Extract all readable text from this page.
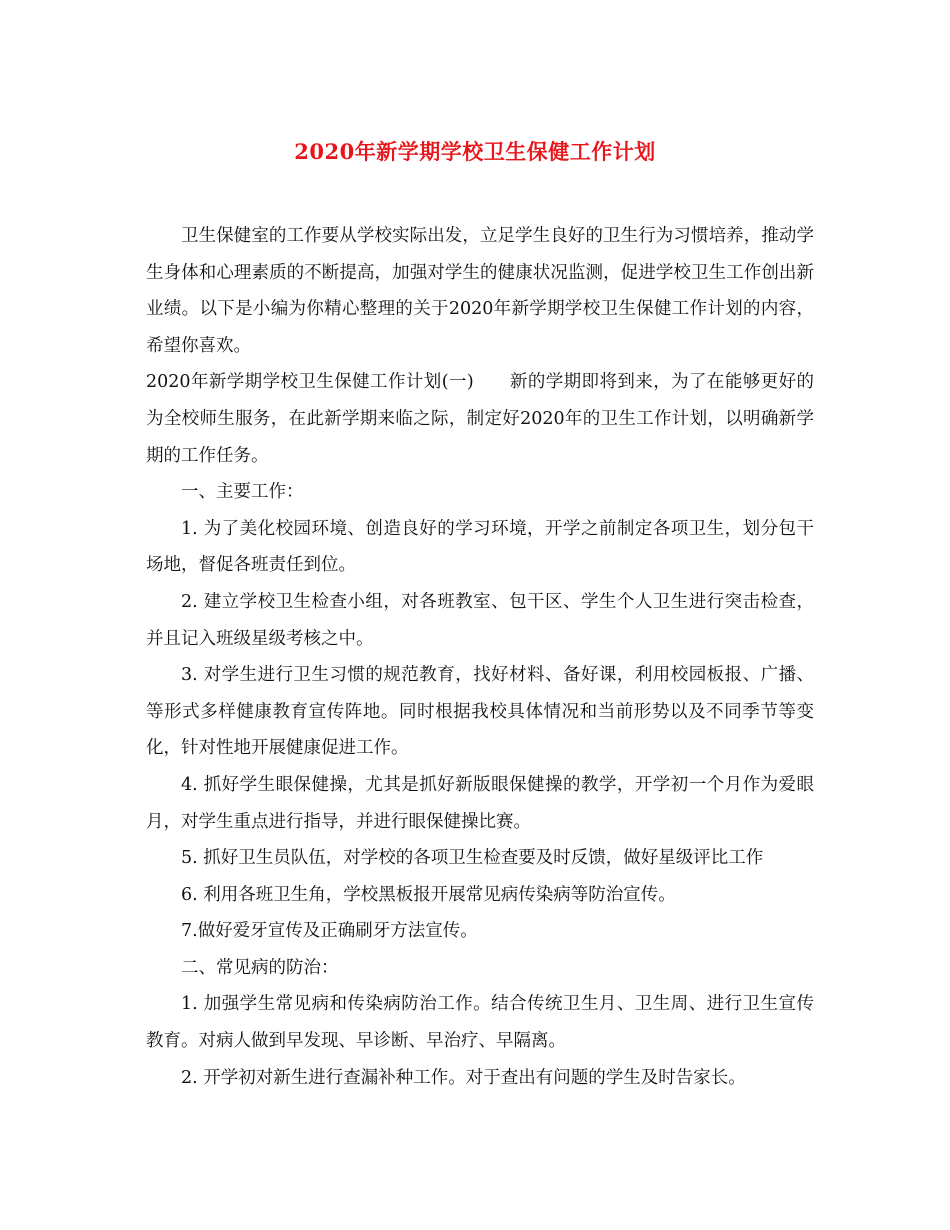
2020年新学期学校卫生保健工作计划

卫生保健室的工作要从学校实际出发，立足学生良好的卫生行为习惯培养，推动学生身体和心理素质的不断提高，加强对学生的健康状况监测，促进学校卫生工作创出新业绩。以下是小编为你精心整理的关于2020年新学期学校卫生保健工作计划的内容，希望你喜欢。

2020年新学期学校卫生保健工作计划(一)　　新的学期即将到来，为了在能够更好的为全校师生服务，在此新学期来临之际，制定好2020年的卫生工作计划，以明确新学期的工作任务。

一、主要工作：

1. 为了美化校园环境、创造良好的学习环境，开学之前制定各项卫生，划分包干场地，督促各班责任到位。

2. 建立学校卫生检查小组，对各班教室、包干区、学生个人卫生进行突击检查，并且记入班级星级考核之中。

3. 对学生进行卫生习惯的规范教育，找好材料、备好课，利用校园板报、广播、等形式多样健康教育宣传阵地。同时根据我校具体情况和当前形势以及不同季节等变化，针对性地开展健康促进工作。

4. 抓好学生眼保健操，尤其是抓好新版眼保健操的教学，开学初一个月作为爱眼月，对学生重点进行指导，并进行眼保健操比赛。

5. 抓好卫生员队伍，对学校的各项卫生检查要及时反馈，做好星级评比工作

6. 利用各班卫生角，学校黑板报开展常见病传染病等防治宣传。

7.做好爱牙宣传及正确刷牙方法宣传。

二、常见病的防治：

1. 加强学生常见病和传染病防治工作。结合传统卫生月、卫生周、进行卫生宣传教育。对病人做到早发现、早诊断、早治疗、早隔离。

2. 开学初对新生进行查漏补种工作。对于查出有问题的学生及时告家长。
